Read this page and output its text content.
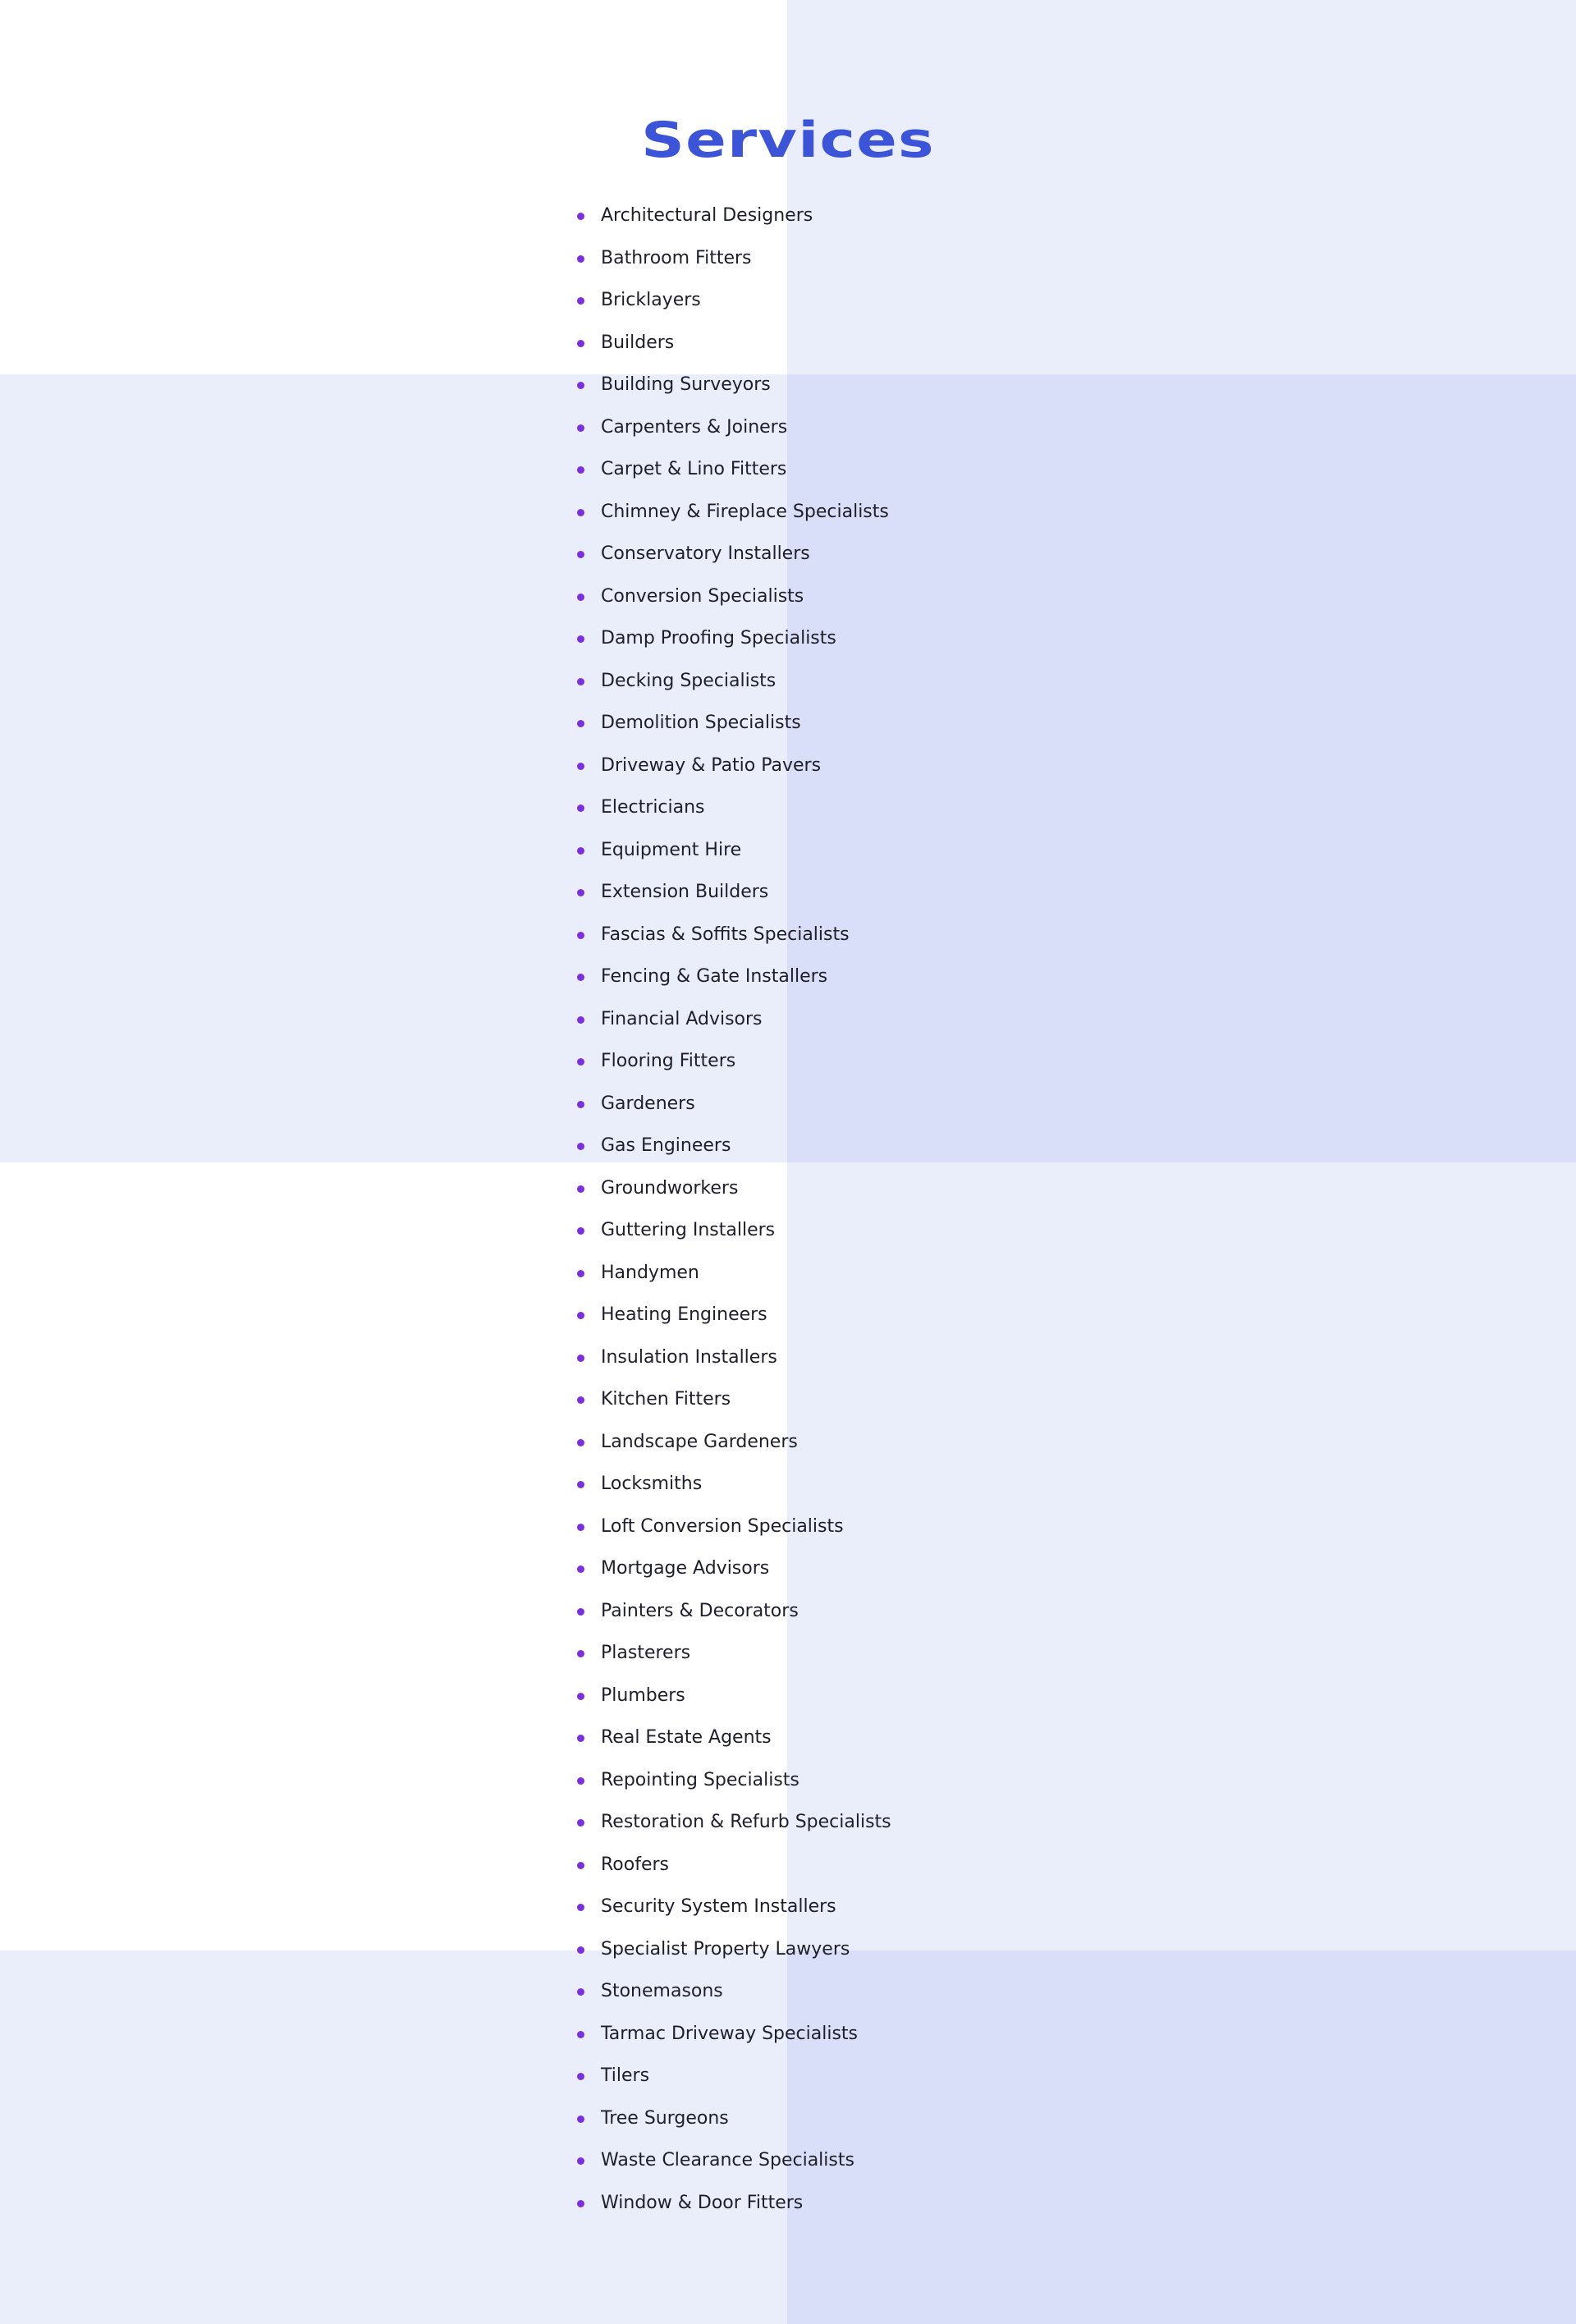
Services
Architectural Designers
Bathroom Fitters
Bricklayers
Builders
Building Surveyors
Carpenters & Joiners
Carpet & Lino Fitters
Chimney & Fireplace Specialists
Conservatory Installers
Conversion Specialists
Damp Proofing Specialists
Decking Specialists
Demolition Specialists
Driveway & Patio Pavers
Electricians
Equipment Hire
Extension Builders
Fascias & Soffits Specialists
Fencing & Gate Installers
Financial Advisors
Flooring Fitters
Gardeners
Gas Engineers
Groundworkers
Guttering Installers
Handymen
Heating Engineers
Insulation Installers
Kitchen Fitters
Landscape Gardeners
Locksmiths
Loft Conversion Specialists
Mortgage Advisors
Painters & Decorators
Plasterers
Plumbers
Real Estate Agents
Repointing Specialists
Restoration & Refurb Specialists
Roofers
Security System Installers
Specialist Property Lawyers
Stonemasons
Tarmac Driveway Specialists
Tilers
Tree Surgeons
Waste Clearance Specialists
Window & Door Fitters
